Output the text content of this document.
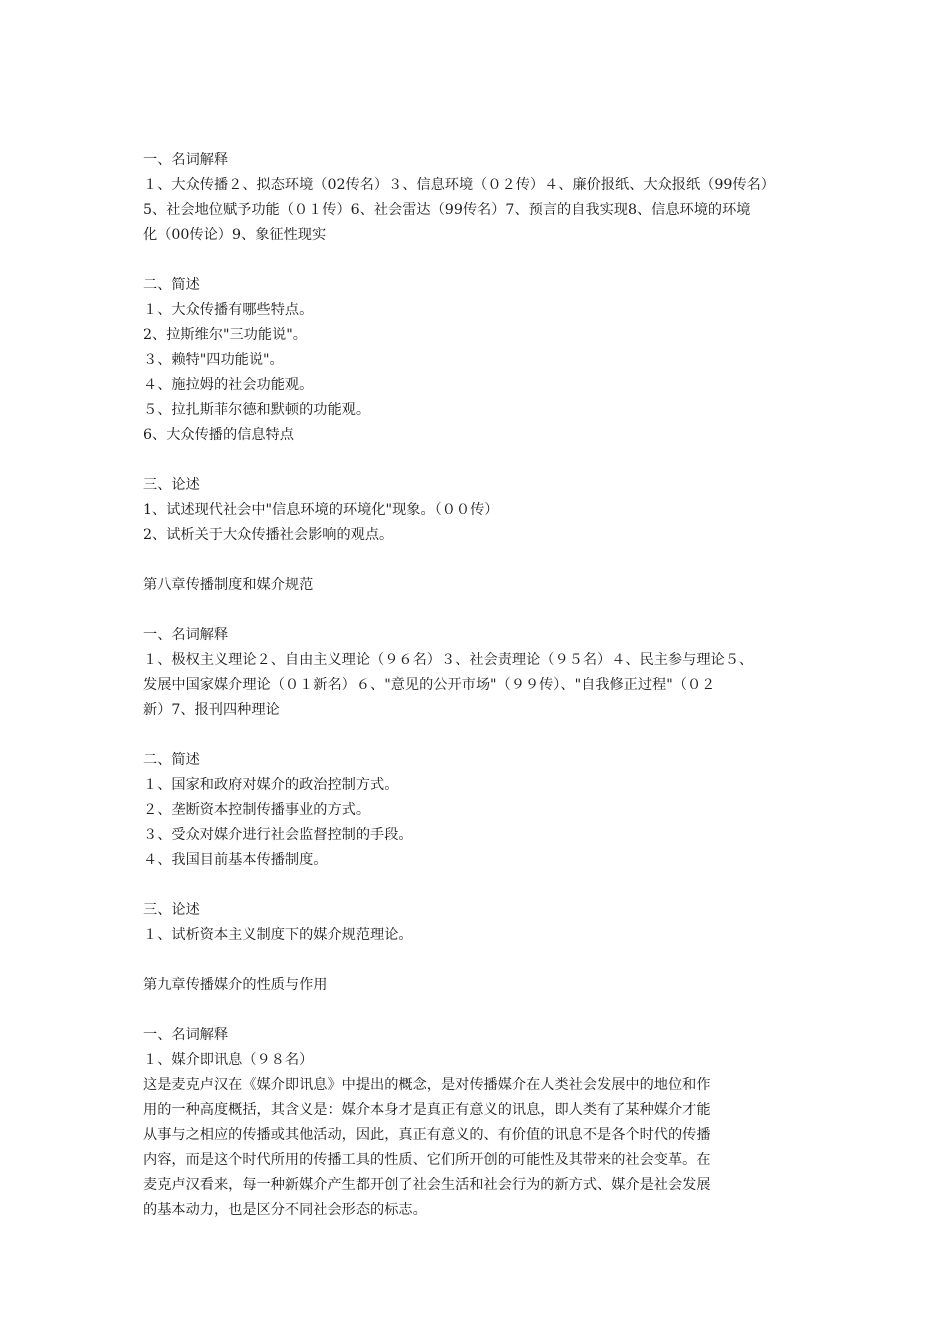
一、名词解释
１、大众传播２、拟态环境（02传名）３、信息环境（０２传）４、廉价报纸、大众报纸（99传名）
5、社会地位赋予功能（０１传）6、社会雷达（99传名）7、预言的自我实现8、信息环境的环境
化（00传论）9、象征性现实
二、简述
１、大众传播有哪些特点。
2、拉斯维尔"三功能说"。
３、赖特"四功能说"。
４、施拉姆的社会功能观。
５、拉扎斯菲尔德和默顿的功能观。
6、大众传播的信息特点
三、论述
1、试述现代社会中"信息环境的环境化"现象。（００传）
2、试析关于大众传播社会影响的观点。
第八章传播制度和媒介规范
一、名词解释
１、极权主义理论２、自由主义理论（９６名）３、社会责理论（９５名）４、民主参与理论５、
发展中国家媒介理论（０１新名）６、"意见的公开市场"（９９传）、"自我修正过程"（０２
新）7、报刊四种理论
二、简述
１、国家和政府对媒介的政治控制方式。
２、垄断资本控制传播事业的方式。
３、受众对媒介进行社会监督控制的手段。
４、我国目前基本传播制度。
三、论述
１、试析资本主义制度下的媒介规范理论。
第九章传播媒介的性质与作用
一、名词解释
１、媒介即讯息（９８名）
这是麦克卢汉在《媒介即讯息》中提出的概念，是对传播媒介在人类社会发展中的地位和作
用的一种高度概括，其含义是：媒介本身才是真正有意义的讯息，即人类有了某种媒介才能
从事与之相应的传播或其他活动，因此，真正有意义的、有价值的讯息不是各个时代的传播
内容，而是这个时代所用的传播工具的性质、它们所开创的可能性及其带来的社会变革。在
麦克卢汉看来，每一种新媒介产生都开创了社会生活和社会行为的新方式、媒介是社会发展
的基本动力，也是区分不同社会形态的标志。
